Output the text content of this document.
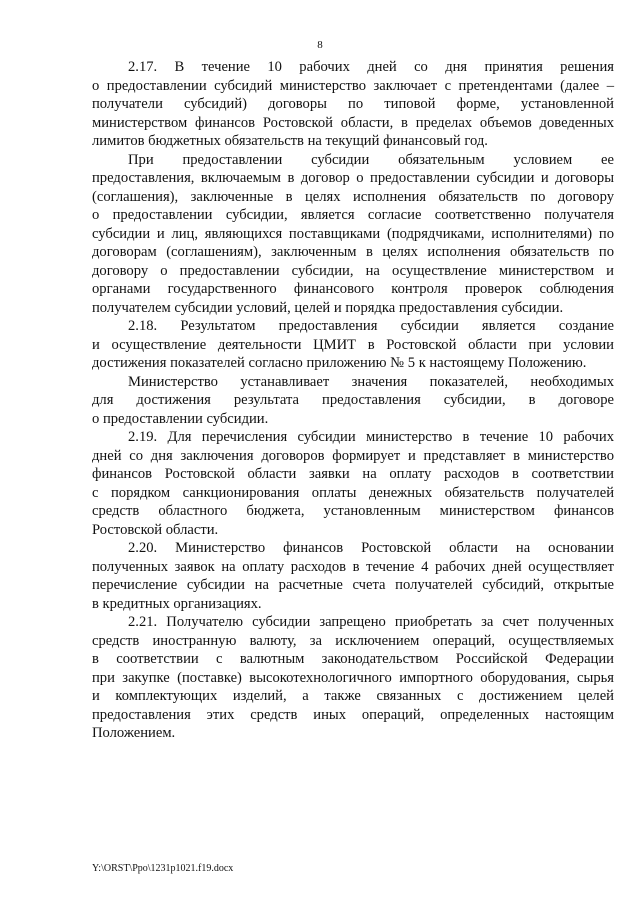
8

2.17. В течение 10 рабочих дней со дня принятия решения
о предоставлении субсидий министерство заключает с претендентами (далее –
получатели субсидий) договоры по типовой форме, установленной
министерством финансов Ростовской области, в пределах объемов доведенных
лимитов бюджетных обязательств на текущий финансовый год.

При предоставлении субсидии обязательным условием ее
предоставления, включаемым в договор о предоставлении субсидии и договоры
(соглашения), заключенные в целях исполнения обязательств по договору
о предоставлении субсидии, является согласие соответственно получателя
субсидии и лиц, являющихся поставщиками (подрядчиками, исполнителями) по
договорам (соглашениям), заключенным в целях исполнения обязательств по
договору о предоставлении субсидии, на осуществление министерством и
органами государственного финансового контроля проверок соблюдения
получателем субсидии условий, целей и порядка предоставления субсидии.

2.18. Результатом предоставления субсидии является создание
и осуществление деятельности ЦМИТ в Ростовской области при условии
достижения показателей согласно приложению № 5 к настоящему Положению.

Министерство устанавливает значения показателей, необходимых
для достижения результата предоставления субсидии, в договоре
о предоставлении субсидии.

2.19. Для перечисления субсидии министерство в течение 10 рабочих
дней со дня заключения договоров формирует и представляет в министерство
финансов Ростовской области заявки на оплату расходов в соответствии
с порядком санкционирования оплаты денежных обязательств получателей
средств областного бюджета, установленным министерством финансов
Ростовской области.

2.20. Министерство финансов Ростовской области на основании
полученных заявок на оплату расходов в течение 4 рабочих дней осуществляет
перечисление субсидии на расчетные счета получателей субсидий, открытые
в кредитных организациях.

2.21. Получателю субсидии запрещено приобретать за счет полученных
средств иностранную валюту, за исключением операций, осуществляемых
в соответствии с валютным законодательством Российской Федерации
при закупке (поставке) высокотехнологичного импортного оборудования, сырья
и комплектующих изделий, а также связанных с достижением целей
предоставления этих средств иных операций, определенных настоящим
Положением.

Y:\ORST\Ppo\1231p1021.f19.docx
